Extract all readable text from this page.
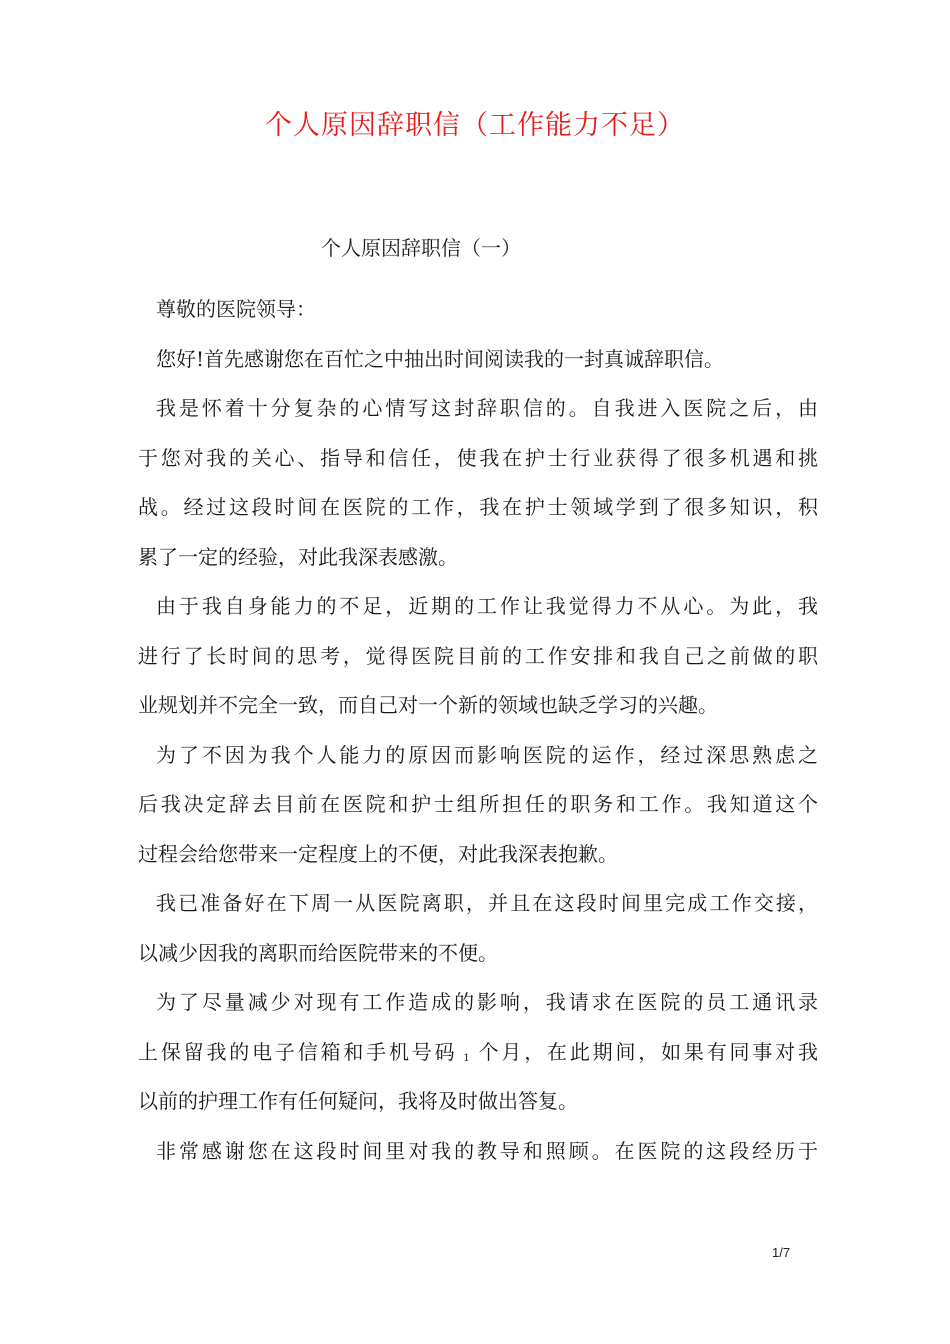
个人原因辞职信（工作能力不足）
个人原因辞职信（一）
尊敬的医院领导：
您好!首先感谢您在百忙之中抽出时间阅读我的一封真诚辞职信。
我是怀着十分复杂的心情写这封辞职信的。自我进入医院之后，由
于您对我的关心、指导和信任，使我在护士行业获得了很多机遇和挑
战。经过这段时间在医院的工作，我在护士领域学到了很多知识，积
累了一定的经验，对此我深表感激。
由于我自身能力的不足，近期的工作让我觉得力不从心。为此，我
进行了长时间的思考，觉得医院目前的工作安排和我自己之前做的职
业规划并不完全一致，而自己对一个新的领域也缺乏学习的兴趣。
为了不因为我个人能力的原因而影响医院的运作，经过深思熟虑之
后我决定辞去目前在医院和护士组所担任的职务和工作。我知道这个
过程会给您带来一定程度上的不便，对此我深表抱歉。
我已准备好在下周一从医院离职，并且在这段时间里完成工作交接，
以减少因我的离职而给医院带来的不便。
为了尽量减少对现有工作造成的影响，我请求在医院的员工通讯录
上保留我的电子信箱和手机号码 1 个月，在此期间，如果有同事对我
以前的护理工作有任何疑问，我将及时做出答复。
非常感谢您在这段时间里对我的教导和照顾。在医院的这段经历于
1/7
